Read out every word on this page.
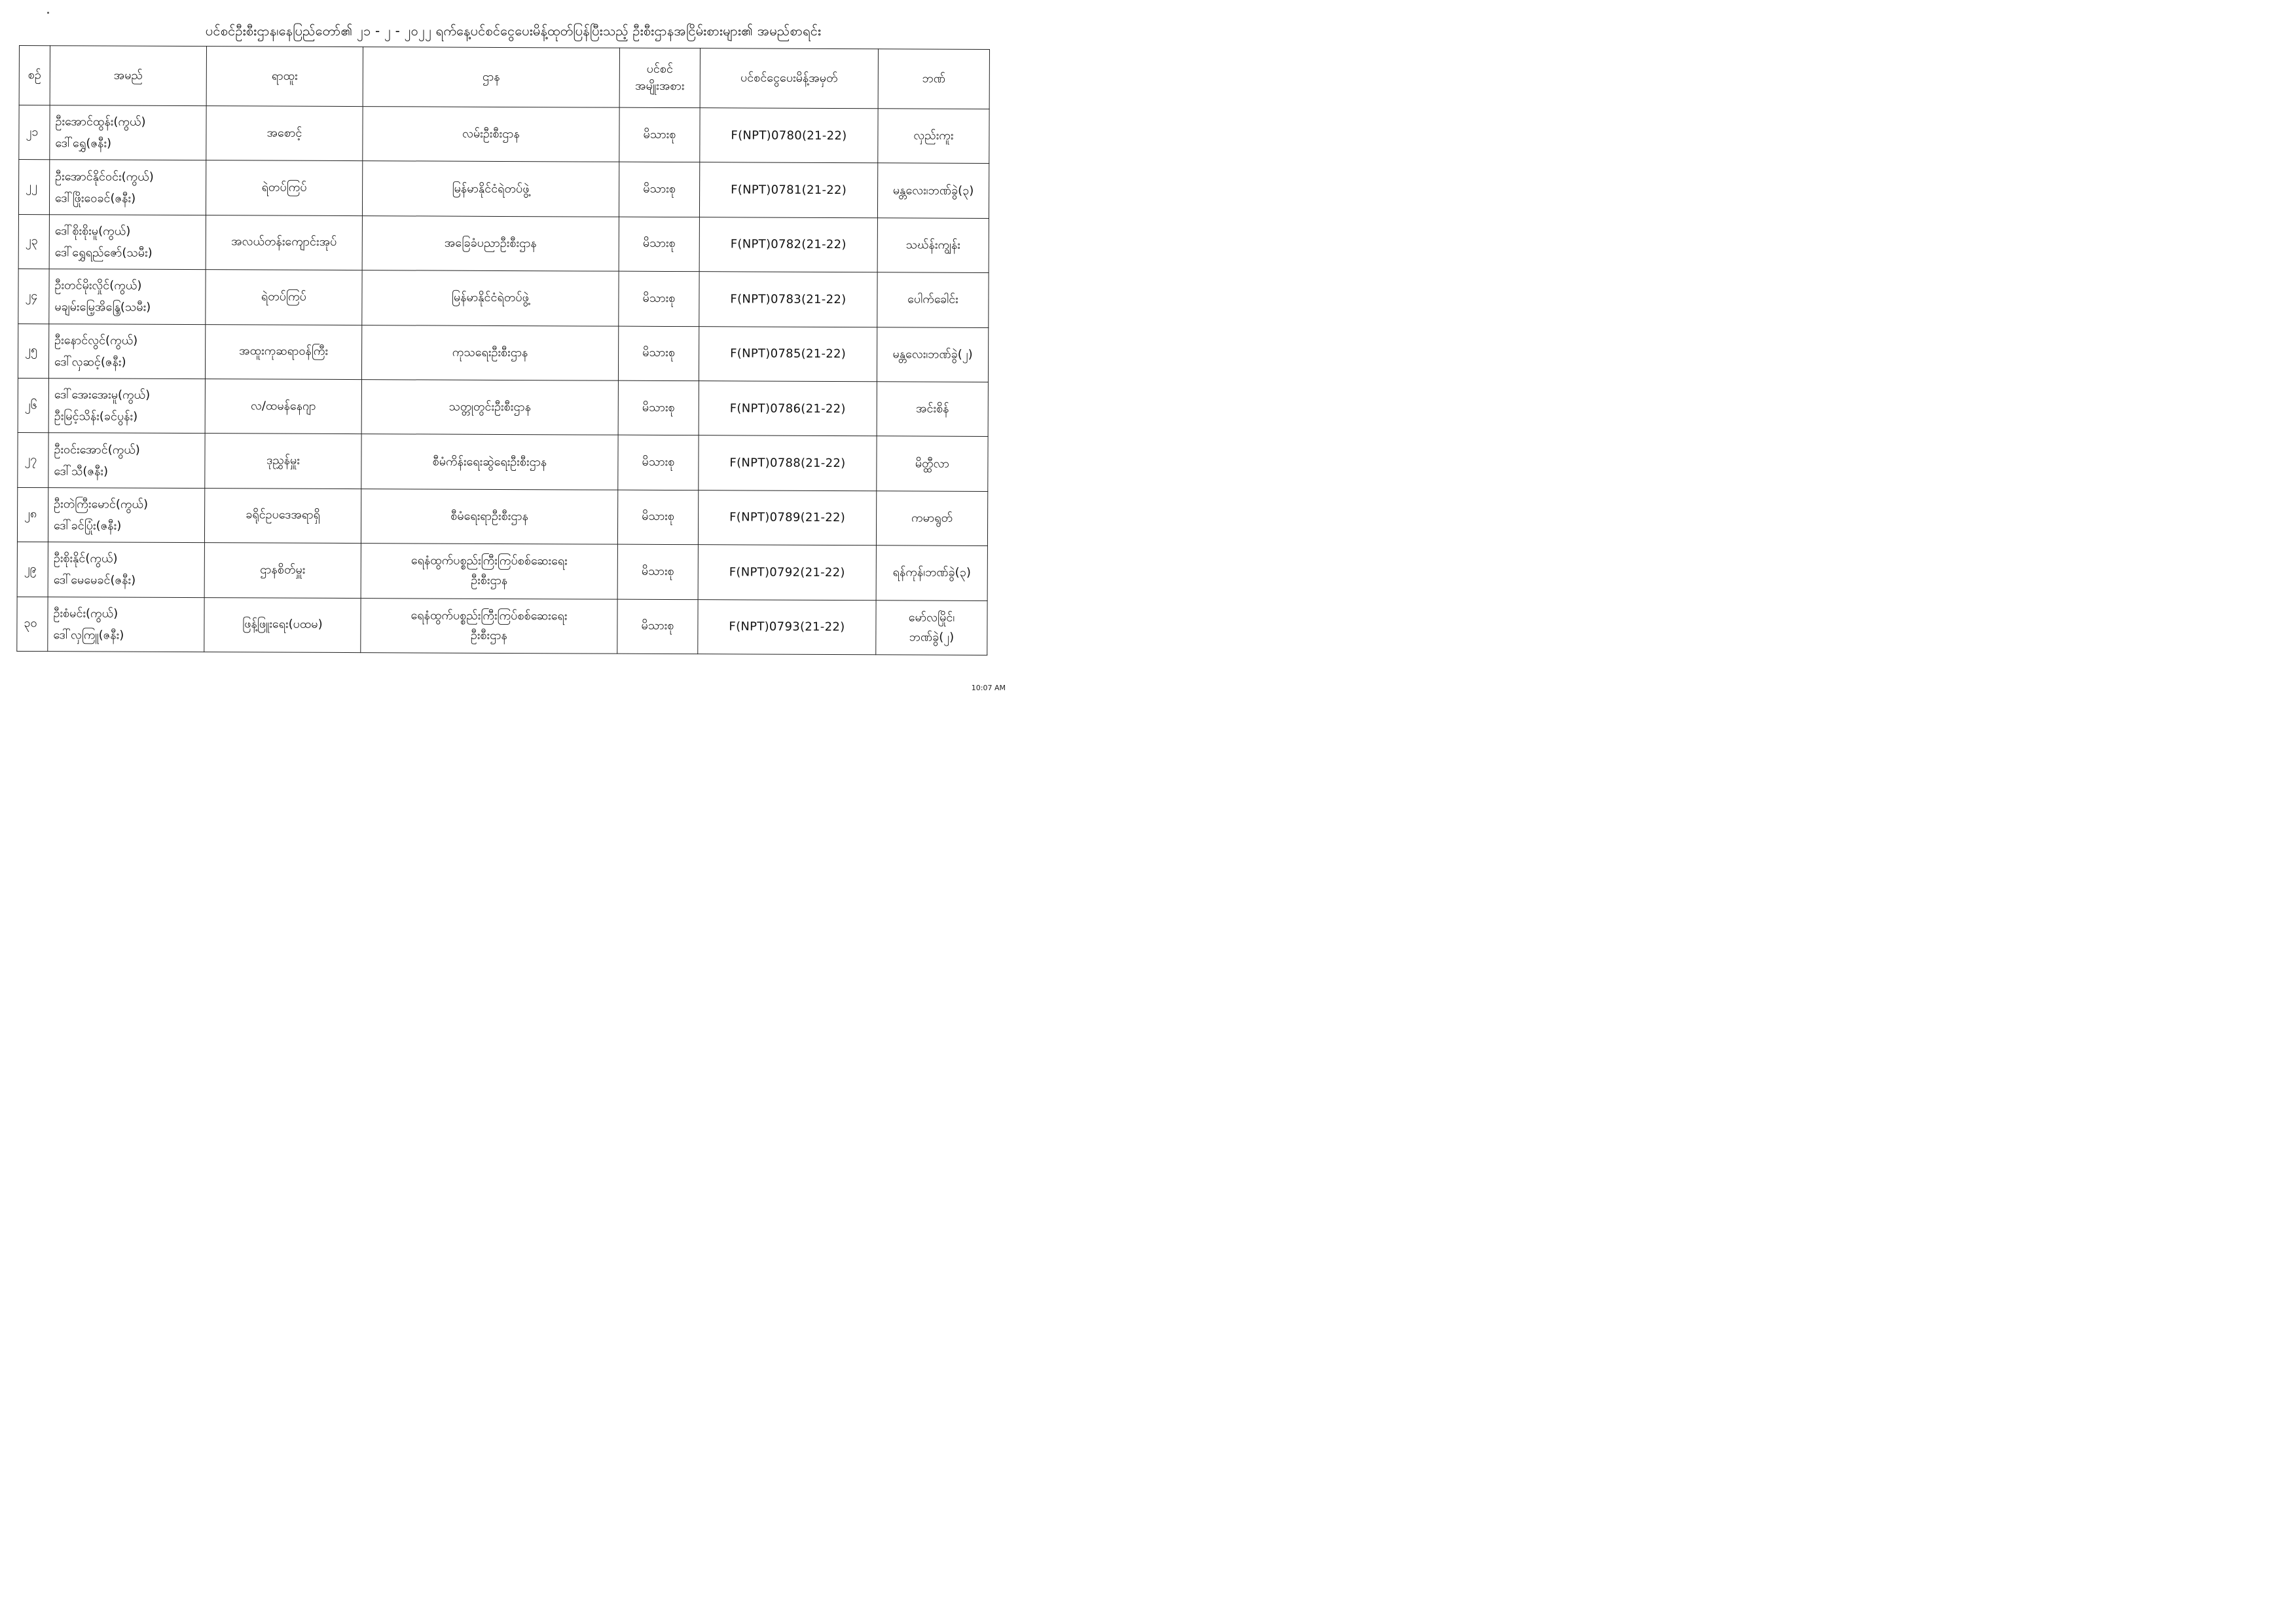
ပင်စင်ဦးစီးဌာန၊နေပြည်တော်၏ ၂၁ - ၂ - ၂၀၂၂ ရက်နေ့ပင်စင်ငွေပေးမိန့်ထုတ်ပြန်ပြီးသည့် ဦးစီးဌာနအငြိမ်းစားများ၏ အမည်စာရင်း
စဉ်	အမည်	ရာထူး	ဌာန	ပင်စင်
အမျိုးအစား	ပင်စင်ငွေပေးမိန့်အမှတ်	ဘဏ်
၂၁	ဦးအောင်ထွန်း(ကွယ်)
ဒေါ်ရွှေ(ဇနီး)	အစောင့်	လမ်းဦးစီးဌာန	မိသားစု	F(NPT)0780(21-22)	လှည်းကူး

၂၂	ဦးအောင်နိုင်ဝင်း(ကွယ်)
ဒေါ်ဖြိုးဝေခင်(ဇနီး)	ရဲတပ်ကြပ်	မြန်မာနိုင်ငံရဲတပ်ဖွဲ့	မိသားစု	F(NPT)0781(21-22)	မန္တလေး၊ဘဏ်ခွဲ(၃)

၂၃	ဒေါ်စိုးစိုးမူ(ကွယ်)
ဒေါ်ရွှေရည်ဇော်(သမီး)	အလယ်တန်းကျောင်းအုပ်	အခြေခံပညာဦးစီးဌာန	မိသားစု	F(NPT)0782(21-22)	သဃ်န်းကျွန်း

၂၄	ဦးတင်မိုးလှိုင်(ကွယ်)
မချမ်းမြေ့အိန္ဒြေ(သမီး)	ရဲတပ်ကြပ်	မြန်မာနိုင်ငံရဲတပ်ဖွဲ့	မိသားစု	F(NPT)0783(21-22)	ပေါက်ခေါင်း

၂၅	ဦးနောင်လွင်(ကွယ်)
ဒေါ်လှဆင့်(ဇနီး)	အထူးကုဆရာဝန်ကြီး	ကုသရေးဦးစီးဌာန	မိသားစု	F(NPT)0785(21-22)	မန္တလေး၊ဘဏ်ခွဲ(၂)

၂၆	ဒေါ်အေးအေးမူ(ကွယ်)
ဦးမြင့်သိန်း(ခင်ပွန်း)	လ/ထမန်နေဂျာ	သတ္တုတွင်းဦးစီးဌာန	မိသားစု	F(NPT)0786(21-22)	အင်းစိန်

၂၇	ဦးဝင်းအောင်(ကွယ်)
ဒေါ်သီ(ဇနီး)	ဒုညွှန်မှူး	စီမံကိန်းရေးဆွဲရေးဦးစီးဌာန	မိသားစု	F(NPT)0788(21-22)	မိတ္ထီလာ

၂၈	ဦးတဲကြီးမောင်(ကွယ်)
ဒေါ်ခင်ပြုံး(ဇနီး)	ခရိုင်ဥပဒေအရာရှိ	စီမံရေးရာဦးစီးဌာန	မိသားစု	F(NPT)0789(21-22)	ကမာရွတ်

၂၉	ဦးစိုးနိုင်(ကွယ်)
ဒေါ်မေမေခင်(ဇနီး)	ဌာနစိတ်မှူး	ရေနံထွက်ပစ္စည်းကြီးကြပ်စစ်ဆေးရေး
ဦးစီးဌာန	မိသားစု	F(NPT)0792(21-22)	ရန်ကုန်၊ဘဏ်ခွဲ(၃)

၃၀	ဦးစံမင်း(ကွယ်)
ဒေါ်လှကြူ(ဇနီး)	ဖြန့်ဖြူးရေး(ပထမ)	ရေနံထွက်ပစ္စည်းကြီးကြပ်စစ်ဆေးရေး
ဦးစီးဌာန	မိသားစု	F(NPT)0793(21-22)	မော်လမြိုင်၊
ဘဏ်ခွဲ(၂)
10:07 AM
